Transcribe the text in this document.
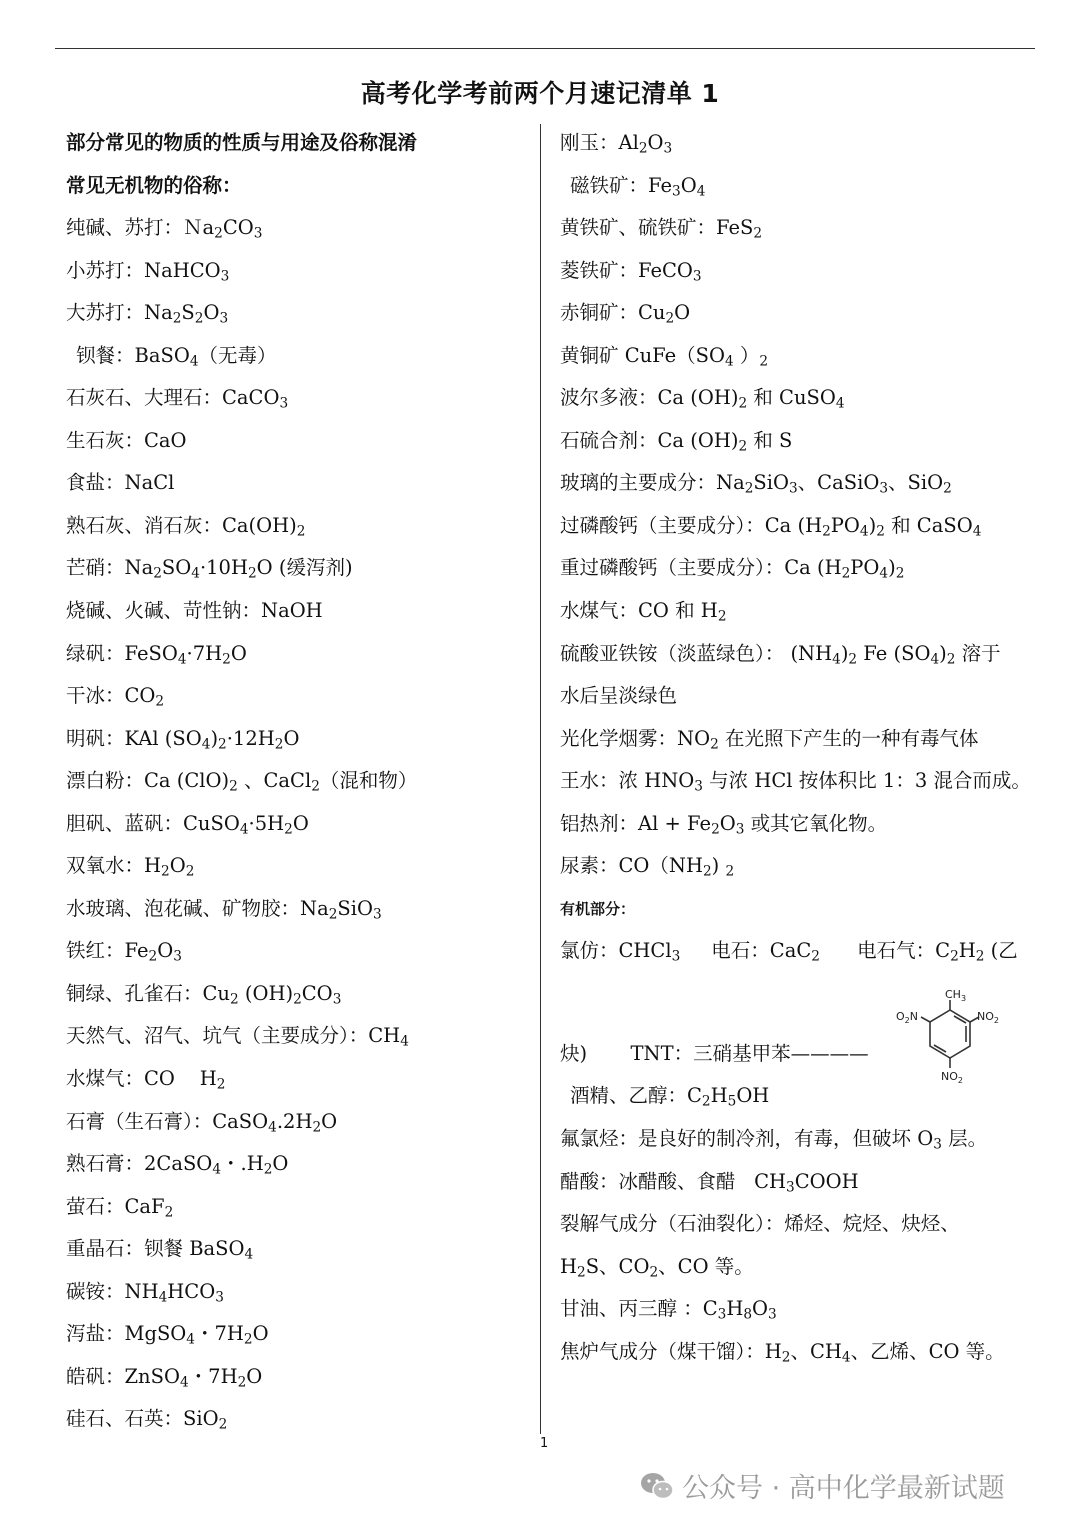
高考化学考前两个月速记清单 1
部分常见的物质的性质与用途及俗称混淆
常见无机物的俗称：
纯碱、苏打：$Na_2CO_3$
小苏打：NaHCO$_3$
大苏打：$Na_2S_2O_3$
钡餐：BaSO$_4$（无毒）
石灰石、大理石：CaCO$_3$
生石灰：CaO
食盐：NaCl
熟石灰、消石灰：$Ca(OH)_2$
芒硝：$Na_2SO_4\cdot 10H_2O$ (缓泻剂)
烧碱、火碱、苛性钠：NaOH
绿矾：$FeSO_4\cdot 7H_2O$
干冰：$CO_2$
明矾：KAl $(SO_4)_2\cdot 12H_2O$
漂白粉：Ca $(ClO)_2$ 、CaCl$_2$（混和物）
胆矾、蓝矾：$CuSO_4\cdot 5H_2O$
双氧水：$H_2O_2$
水玻璃、泡花碱、矿物胶：$Na_2SiO_3$
铁红：$Fe_2O_3$
铜绿、孔雀石：$Cu_2$ $(OH)_2CO_3$
天然气、沼气、坑气（主要成分）：$CH_4$
水煤气：CO    $H_2$
石膏（生石膏）：$CaSO_4.2H_2O$
熟石膏：2CaSO$_4$・$.H_2O$
萤石：CaF$_2$
重晶石：钡餐 BaSO$_4$
碳铵：$NH_4HCO_3$
泻盐：MgSO$_4$・$7H_2O$
皓矾：ZnSO$_4$・$7H_2O$
硅石、石英：SiO$_2$
刚玉：$Al_2O_3$
磁铁矿：$Fe_3O_4$
黄铁矿、硫铁矿：FeS$_2$
菱铁矿：FeCO$_3$
赤铜矿：$Cu_2O$
黄铜矿 $CuFe(SO_4$ ）$_2$
波尔多液：Ca $(OH)_2$ 和 CuSO$_4$
石硫合剂：Ca $(OH)_2$ 和 S
玻璃的主要成分：$Na_2SiO_3$、CaSiO$_3$、SiO$_2$
过磷酸钙（主要成分）：Ca $(H_2PO_4)_2$ 和 CaSO$_4$
重过磷酸钙（主要成分）：Ca $(H_2PO_4)_2$
水煤气：CO 和 $H_2$
硫酸亚铁铵（淡蓝绿色）： $(NH_4)_2$ Fe $(SO_4)_2$ 溶于
水后呈淡绿色
光化学烟雾：$NO_2$ 在光照下产生的一种有毒气体
王水：浓 $HNO_3$ 与浓 HCl 按体积比 1：3 混合而成。
铝热剂：$Al + Fe_2O_3$ 或其它氧化物。
尿素：$CO(NH_2)$ $_2$
有机部分：
氯仿：CHCl$_3$     电石：CaC$_2$      电石气：$C_2H_2$ (乙
炔)       TNT：三硝基甲苯————
酒精、乙醇：$C_2H_5OH$
氟氯烃：是良好的制冷剂，有毒，但破坏 $O_3$ 层。
醋酸：冰醋酸、食醋   $CH_3COOH$
裂解气成分（石油裂化）：烯烃、烷烃、炔烃、
$H_2S$、$CO_2$、CO 等。
甘油、丙三醇 ：$C_3H_8O_3$
焦炉气成分（煤干馏）：$H_2$、$CH_4$、乙烯、CO 等。
$CH_3$
$O_2N$	$NO_2$
$NO_2$
1
公众号 · 高中化学最新试题
